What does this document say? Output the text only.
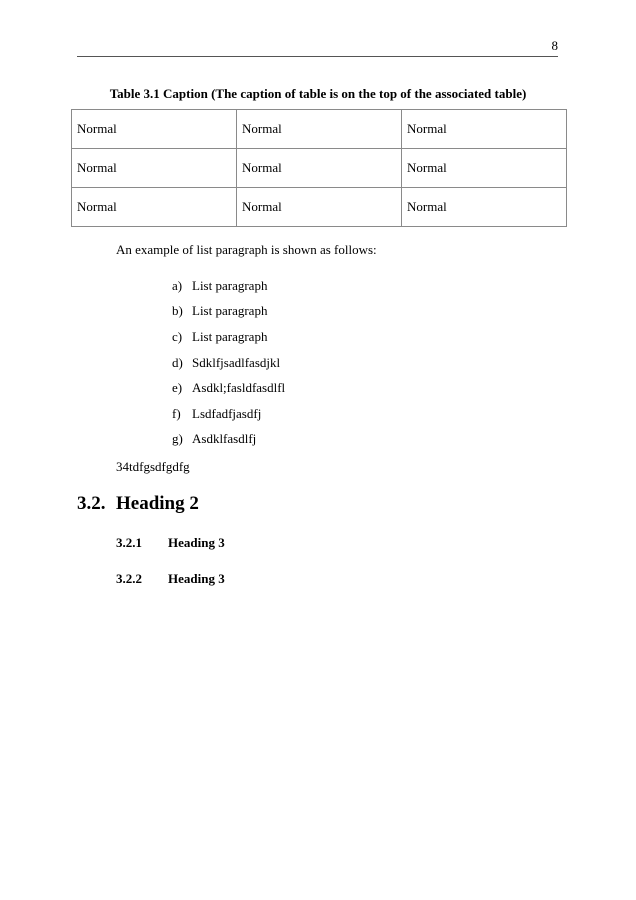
8
Table 3.1 Caption (The caption of table is on the top of the associated table)
Normal	Normal	Normal
Normal	Normal	Normal
Normal	Normal	Normal
An example of list paragraph is shown as follows:
a) List paragraph
b) List paragraph
c) List paragraph
d) Sdklfjsadlfasdjkl
e) Asdkl;fasldfasdlfl
f) Lsdfadfjasdfj
g) Asdklfasdlfj
34tdfgsdfgdfg
3.2. Heading 2
3.2.1 Heading 3
3.2.2 Heading 3
